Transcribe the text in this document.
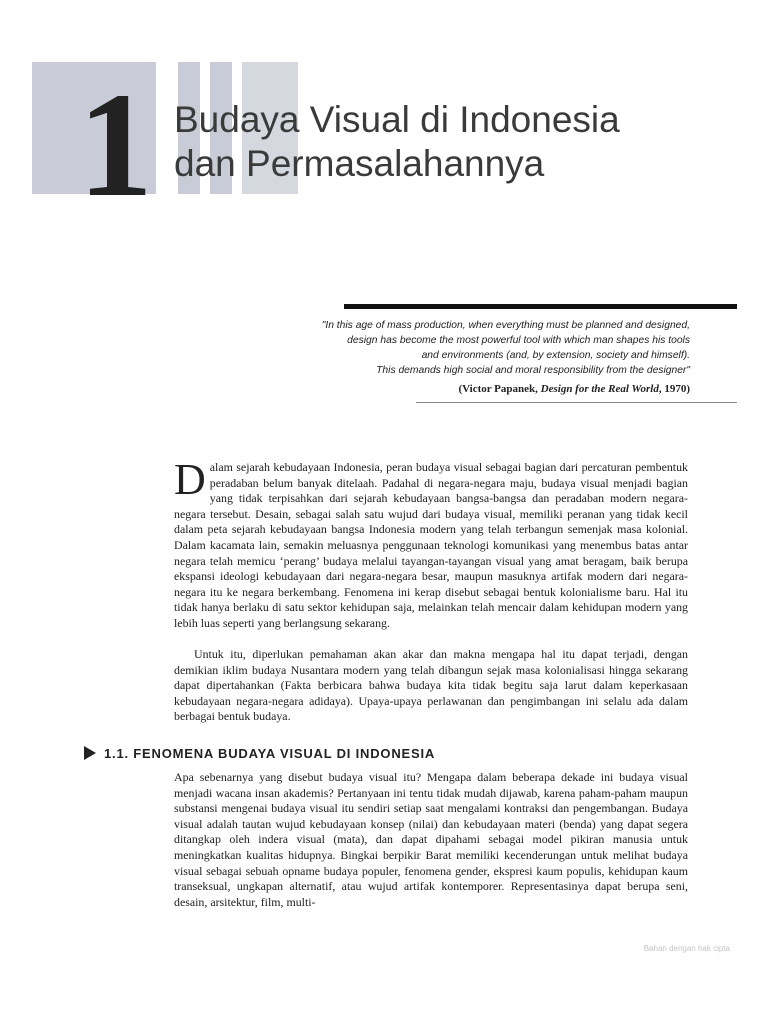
1 Budaya Visual di Indonesia
dan Permasalahannya
"In this age of mass production, when everything must be planned and designed,
design has become the most powerful tool with which man shapes his tools
and environments (and, by extension, society and himself).
This demands high social and moral responsibility from the designer"
(Victor Papanek, Design for the Real World, 1970)
Dalam sejarah kebudayaan Indonesia, peran budaya visual sebagai bagian dari percaturan pembentuk peradaban belum banyak ditelaah. Padahal di negara-negara maju, budaya visual menjadi bagian yang tidak terpisahkan dari sejarah kebudayaan bangsa-bangsa dan peradaban modern negara-negara tersebut. Desain, sebagai salah satu wujud dari budaya visual, memiliki peranan yang tidak kecil dalam peta sejarah kebudayaan bangsa Indonesia modern yang telah terbangun semenjak masa kolonial. Dalam kacamata lain, semakin meluasnya penggunaan teknologi komunikasi yang menembus batas antar negara telah memicu ‘perang’ budaya melalui tayangan-tayangan visual yang amat beragam, baik berupa ekspansi ideologi kebudayaan dari negara-negara besar, maupun masuknya artifak modern dari negara-negara itu ke negara berkembang. Fenomena ini kerap disebut sebagai bentuk kolonialisme baru. Hal itu tidak hanya berlaku di satu sektor kehidupan saja, melainkan telah mencair dalam kehidupan modern yang lebih luas seperti yang berlangsung sekarang.
Untuk itu, diperlukan pemahaman akan akar dan makna mengapa hal itu dapat terjadi, dengan demikian iklim budaya Nusantara modern yang telah dibangun sejak masa kolonialisasi hingga sekarang dapat dipertahankan (Fakta berbicara bahwa budaya kita tidak begitu saja larut dalam keperkasaan kebudayaan negara-negara adidaya). Upaya-upaya perlawanan dan pengimbangan ini selalu ada dalam berbagai bentuk budaya.
1.1. FENOMENA BUDAYA VISUAL DI INDONESIA
Apa sebenarnya yang disebut budaya visual itu? Mengapa dalam beberapa dekade ini budaya visual menjadi wacana insan akademis? Pertanyaan ini tentu tidak mudah dijawab, karena paham-paham maupun substansi mengenai budaya visual itu sendiri setiap saat mengalami kontraksi dan pengembangan. Budaya visual adalah tautan wujud kebudayaan konsep (nilai) dan kebudayaan materi (benda) yang dapat segera ditangkap oleh indera visual (mata), dan dapat dipahami sebagai model pikiran manusia untuk meningkatkan kualitas hidupnya. Bingkai berpikir Barat memiliki kecenderungan untuk melihat budaya visual sebagai sebuah opname budaya populer, fenomena gender, ekspresi kaum populis, kehidupan kaum transeksual, ungkapan alternatif, atau wujud artifak kontemporer. Representasinya dapat berupa seni, desain, arsitektur, film, multi-
Bahan dengan hak cipta
